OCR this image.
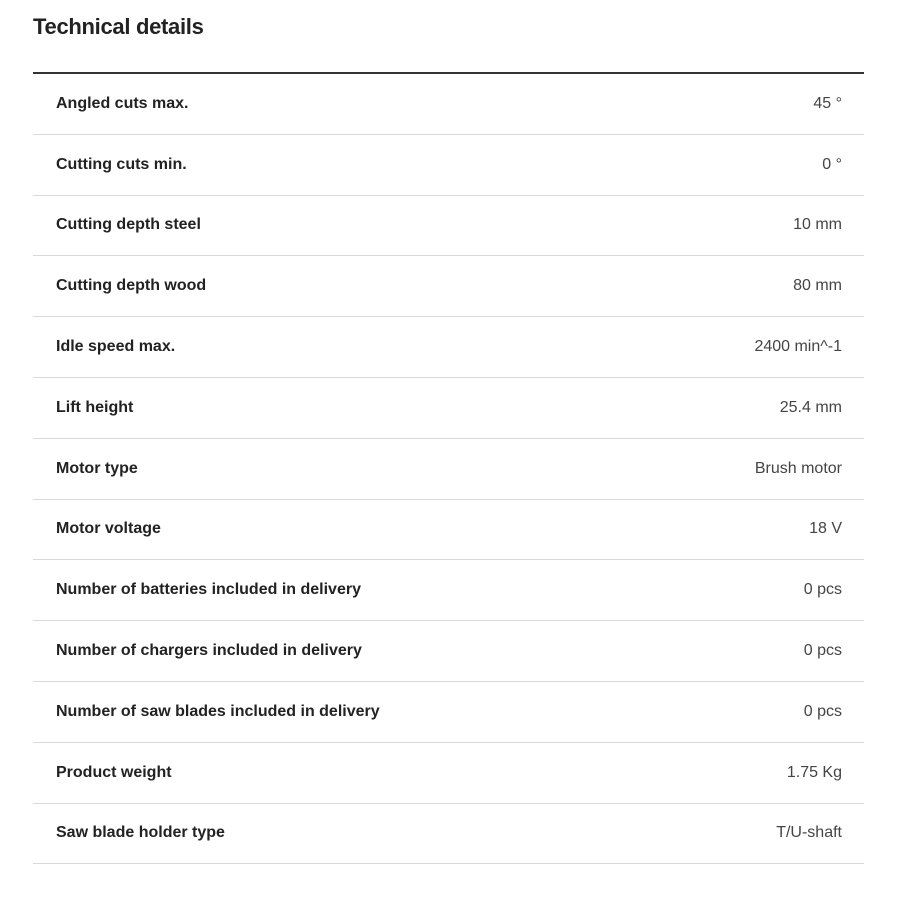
Technical details
Angled cuts max.	45 °
Cutting cuts min.	0 °
Cutting depth steel	10 mm
Cutting depth wood	80 mm
Idle speed max.	2400 min^-1
Lift height	25.4 mm
Motor type	Brush motor
Motor voltage	18 V
Number of batteries included in delivery	0 pcs
Number of chargers included in delivery	0 pcs
Number of saw blades included in delivery	0 pcs
Product weight	1.75 Kg
Saw blade holder type	T/U-shaft
